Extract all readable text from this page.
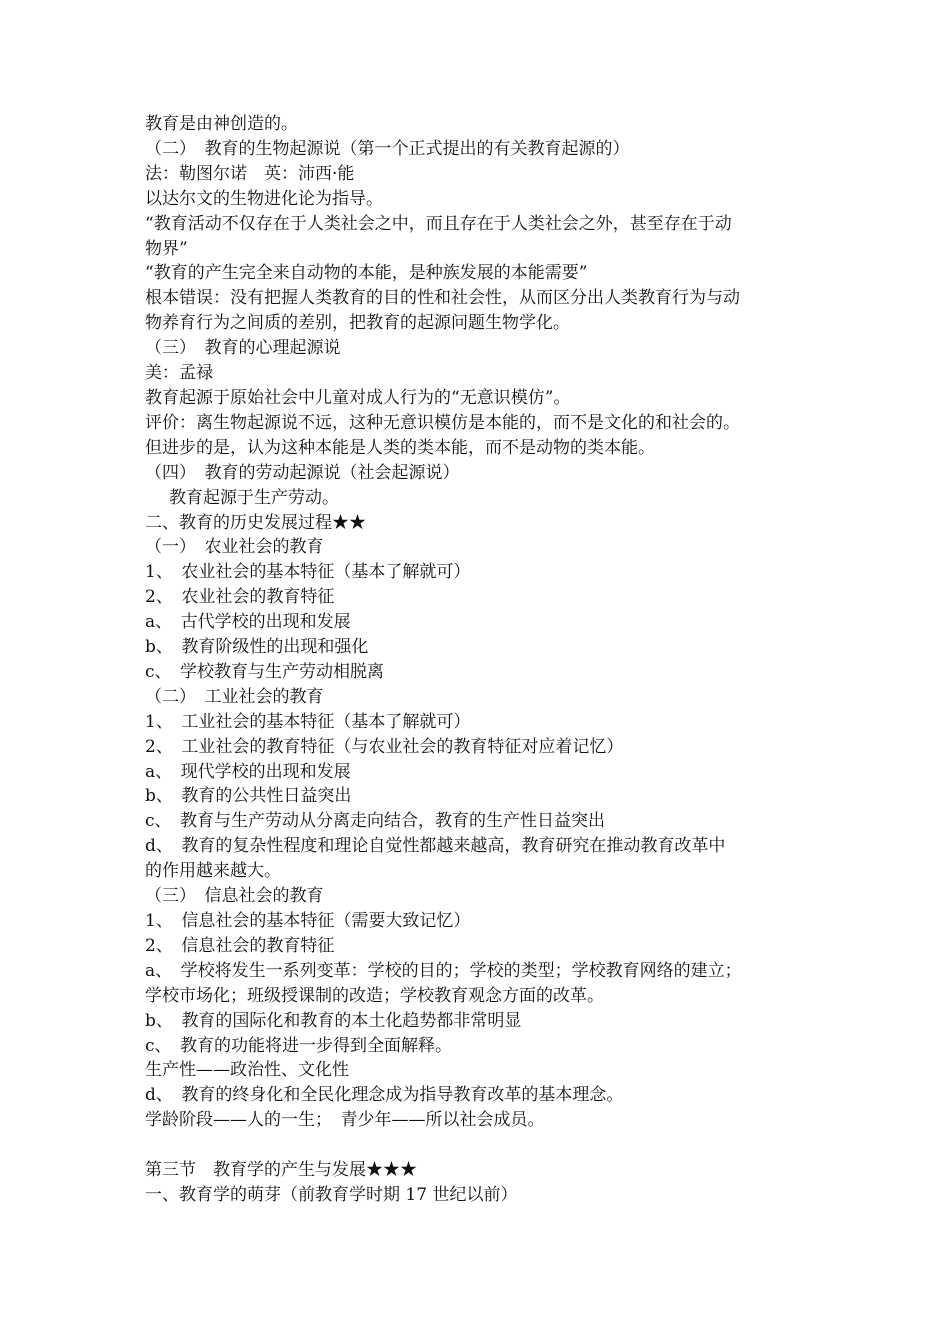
教育是由神创造的。
（二）　教育的生物起源说（第一个正式提出的有关教育起源的）
法：勒图尔诺　英：沛西·能
以达尔文的生物进化论为指导。
“教育活动不仅存在于人类社会之中，而且存在于人类社会之外，甚至存在于动
物界”
“教育的产生完全来自动物的本能，是种族发展的本能需要”
根本错误：没有把握人类教育的目的性和社会性，从而区分出人类教育行为与动
物养育行为之间质的差别，把教育的起源问题生物学化。
（三）　教育的心理起源说
美：孟禄
教育起源于原始社会中儿童对成人行为的“无意识模仿”。
评价：离生物起源说不远，这种无意识模仿是本能的，而不是文化的和社会的。
但进步的是，认为这种本能是人类的类本能，而不是动物的类本能。
（四）　教育的劳动起源说（社会起源说）
教育起源于生产劳动。
二、教育的历史发展过程★★
（一）　农业社会的教育
1、　农业社会的基本特征（基本了解就可）
2、　农业社会的教育特征
a、　古代学校的出现和发展
b、　教育阶级性的出现和强化
c、　学校教育与生产劳动相脱离
（二）　工业社会的教育
1、　工业社会的基本特征（基本了解就可）
2、　工业社会的教育特征（与农业社会的教育特征对应着记忆）
a、　现代学校的出现和发展
b、　教育的公共性日益突出
c、　教育与生产劳动从分离走向结合，教育的生产性日益突出
d、　教育的复杂性程度和理论自觉性都越来越高，教育研究在推动教育改革中
的作用越来越大。
（三）　信息社会的教育
1、　信息社会的基本特征（需要大致记忆）
2、　信息社会的教育特征
a、　学校将发生一系列变革：学校的目的；学校的类型；学校教育网络的建立；
学校市场化；班级授课制的改造；学校教育观念方面的改革。
b、　教育的国际化和教育的本土化趋势都非常明显
c、　教育的功能将进一步得到全面解释。
生产性——政治性、文化性
d、　教育的终身化和全民化理念成为指导教育改革的基本理念。
学龄阶段——人的一生；　青少年——所以社会成员。
第三节　教育学的产生与发展★★★
一、教育学的萌芽（前教育学时期 17 世纪以前）
